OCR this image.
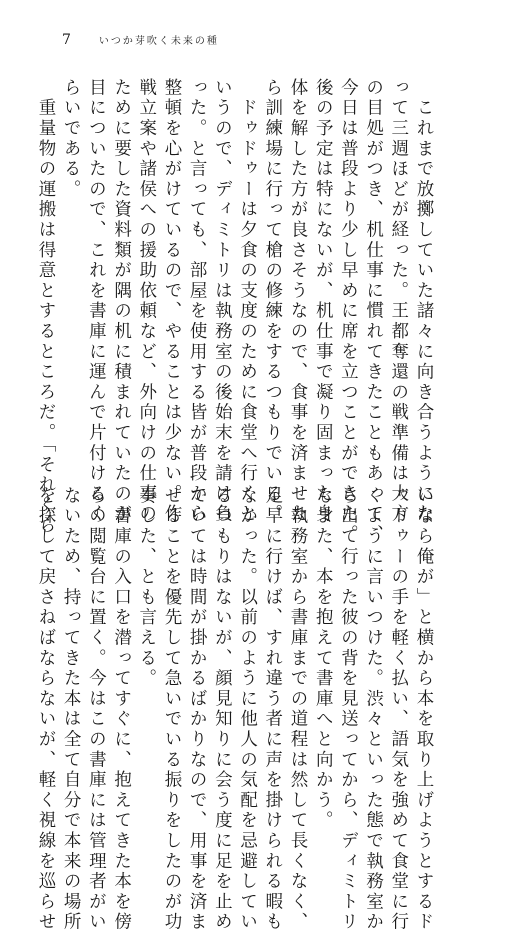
7	いつか芽吹く未来の種
　これまで放擲していた諸々に向き合うようにな
って三週ほどが経った。王都奪還の戦準備は大方
の目処がつき、机仕事に慣れてきたこともあって、
今日は普段より少し早めに席を立つことができた。
後の予定は特にないが、机仕事で凝り固まった身
体を解した方が良さそうなので、食事を済ませた
ら訓練場に行って槍の修練をするつもりでいる。
　ドゥドゥーは夕食の支度のために食堂へ行くと
いうので、ディミトリは執務室の後始末を請け負
った。と言っても、部屋を使用する皆が普段から
整頓を心がけているので、やることは少ない。作
戦立案や諸侯への援助依頼など、外向けの仕事の
ために要した資料類が隅の机に積まれていたのが
目についたので、これを書庫に運んで片付けるく
らいである。
　重量物の運搬は得意とするところだ。「それくら
いなら俺が」と横から本を取り上げようとするド
ゥドゥーの手を軽く払い、語気を強めて食堂に行
くように言いつけた。渋々といった態で執務室か
ら出て行った彼の背を見送ってから、ディミトリ
もまた、本を抱えて書庫へと向かう。
　執務室から書庫までの道程は然して長くなく、
足早に行けば、すれ違う者に声を掛けられる暇も
なかった。以前のように他人の気配を忌避してい
るつもりはないが、顔見知りに会う度に足を止め
ていては時間が掛かるばかりなので、用事を済ま
せることを優先して急いでいる振りをしたのが功
奏した、とも言える。
　書庫の入口を潜ってすぐに、抱えてきた本を傍
らの閲覧台に置く。今はこの書庫には管理者がい
ないため、持ってきた本は全て自分で本来の場所
を探して戻さねばならないが、軽く視線を巡らせ
